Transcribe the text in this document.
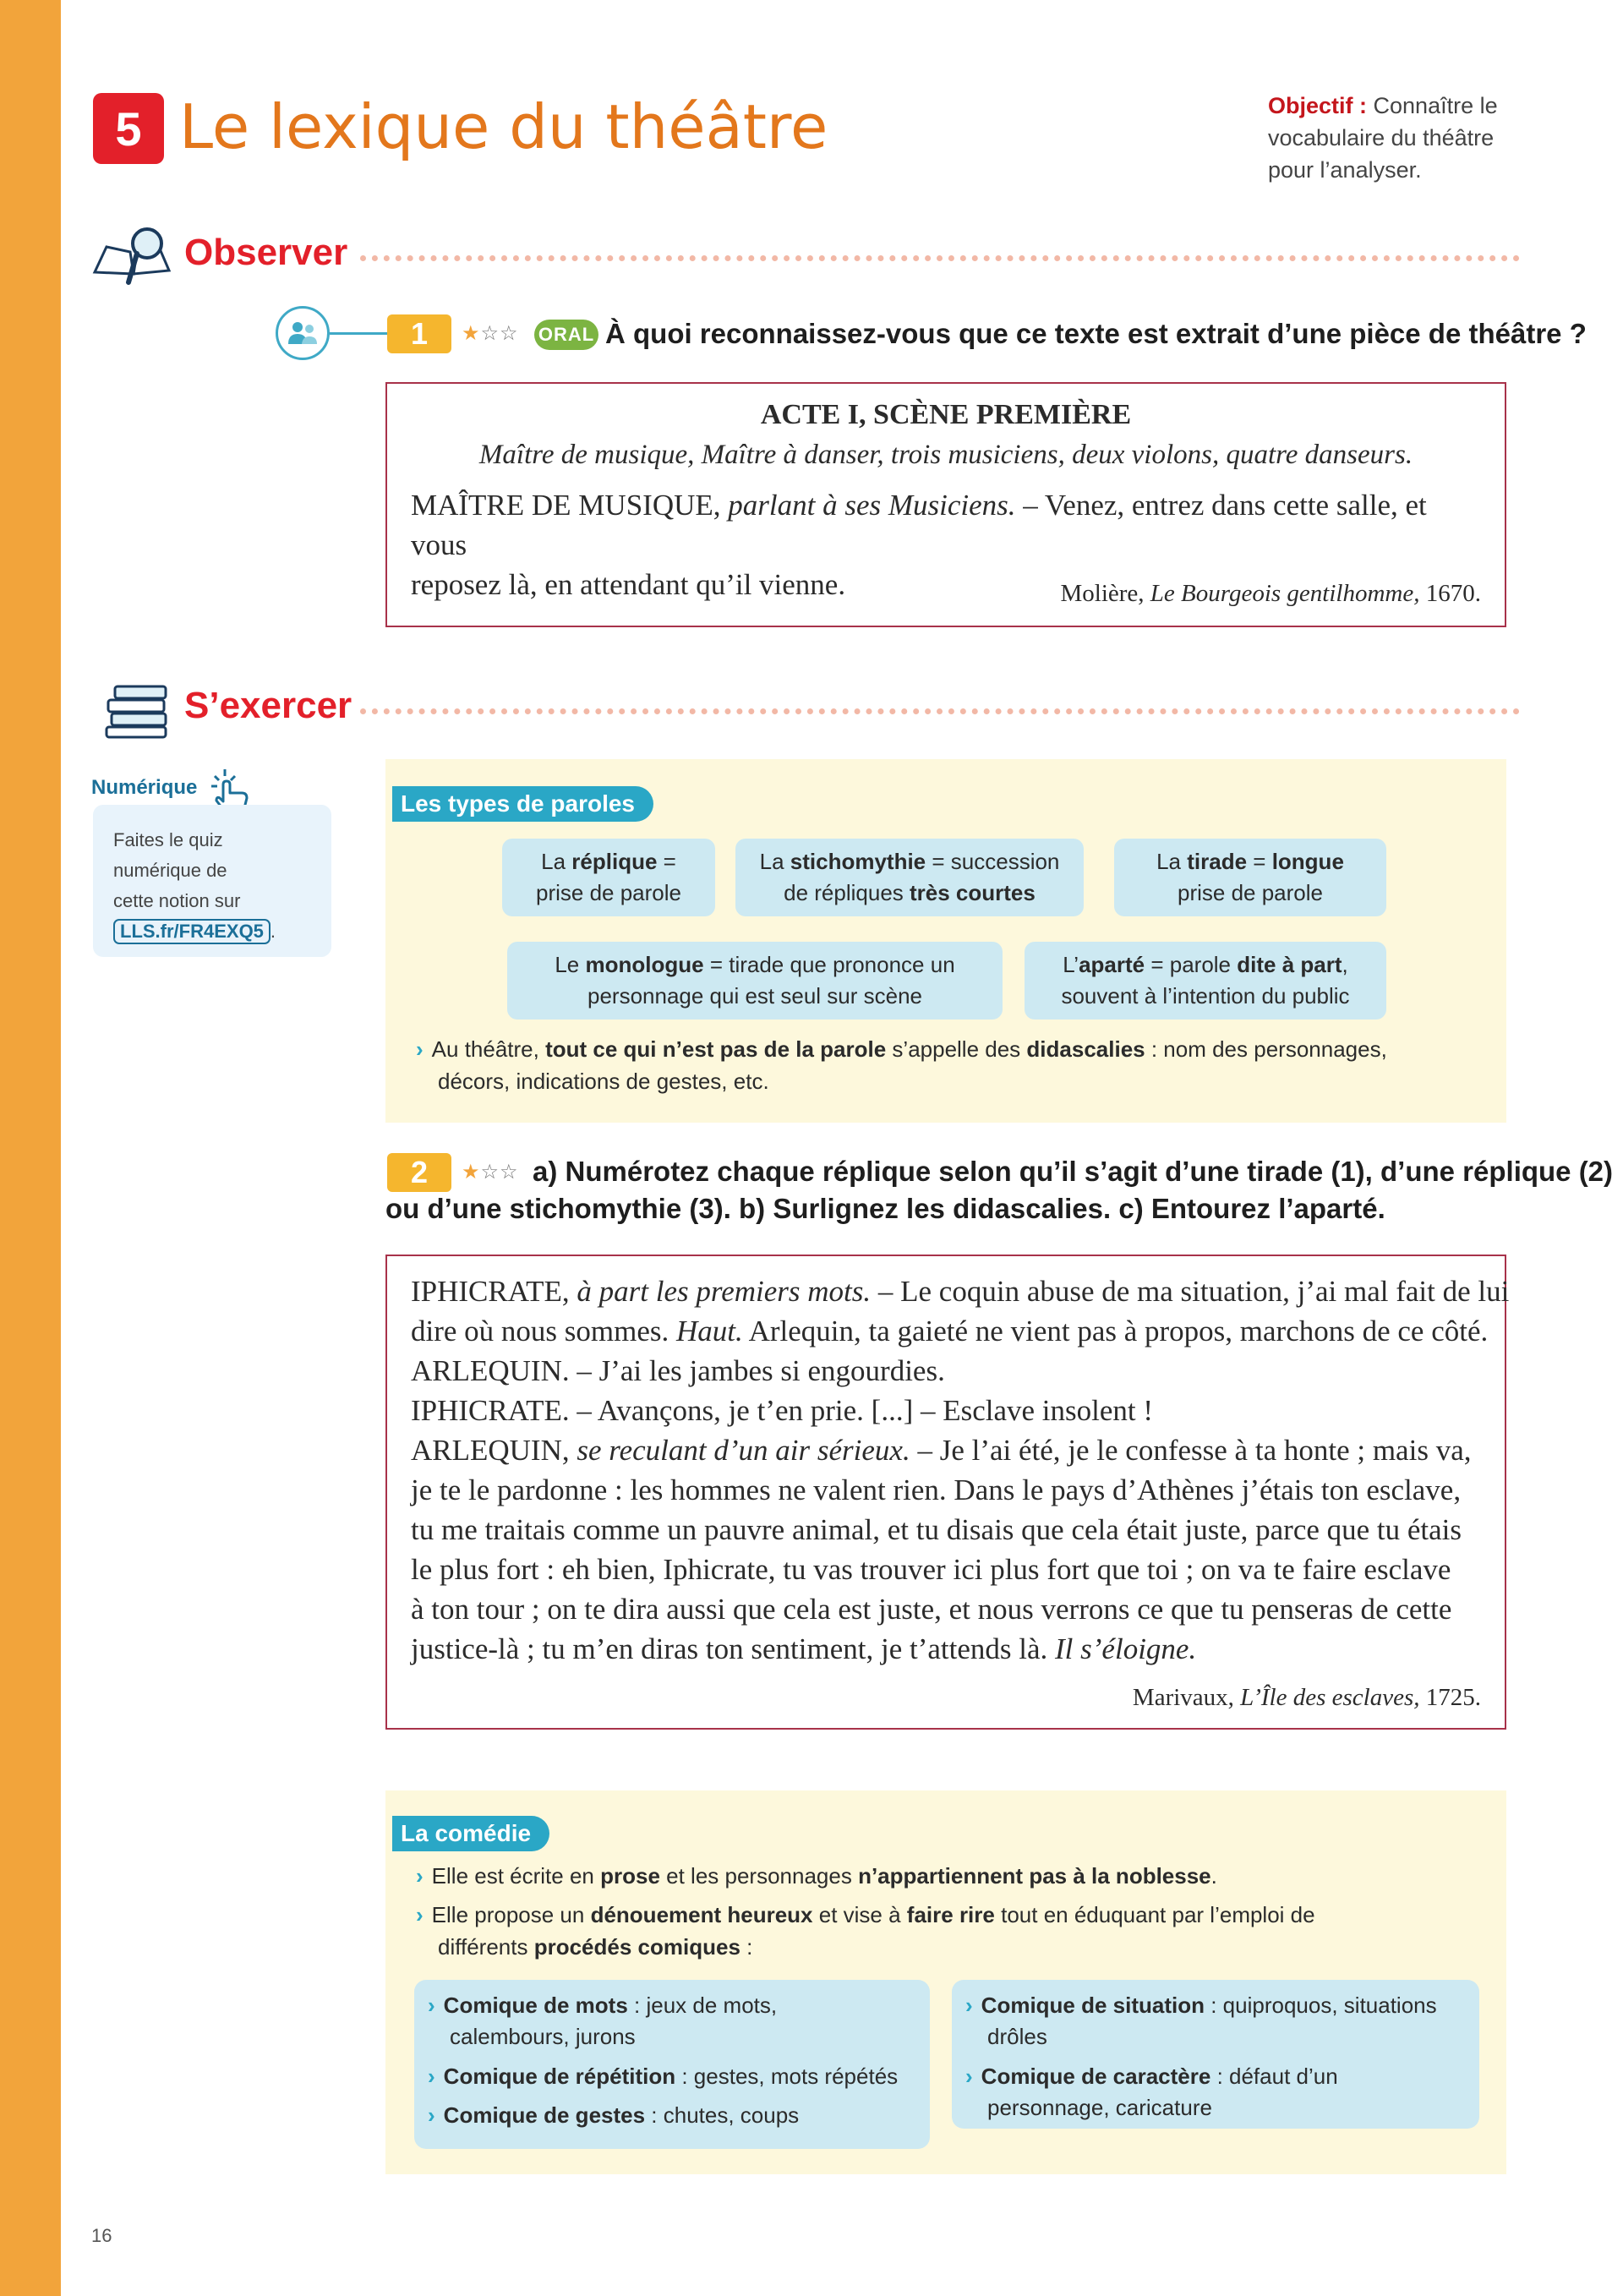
5 Le lexique du théâtre	Objectif : Connaître le
vocabulaire du théâtre
pour l’analyser.
Observer
1	★☆☆ ORAL À quoi reconnaissez-vous que ce texte est extrait d’une pièce de théâtre ?
ACTE I, SCÈNE PREMIÈRE
Maître de musique, Maître à danser, trois musiciens, deux violons, quatre danseurs.
MAÎTRE DE MUSIQUE, parlant à ses Musiciens. – Venez, entrez dans cette salle, et vous
reposez là, en attendant qu’il vienne.	Molière, Le Bourgeois gentilhomme, 1670.
S’exercer
Numérique
Faites le quiz
numérique de
cette notion sur
LLS.fr/FR4EXQ5 .
Les types de paroles
La réplique =
prise de parole
La stichomythie = succession
de répliques très courtes
La tirade = longue
prise de parole
Le monologue = tirade que prononce un
personnage qui est seul sur scène
L’aparté = parole dite à part,
souvent à l’intention du public
› Au théâtre, tout ce qui n’est pas de la parole s’appelle des didascalies : nom des personnages,
décors, indications de gestes, etc.
2	★☆☆ a) Numérotez chaque réplique selon qu’il s’agit d’une tirade (1), d’une réplique (2)
ou d’une stichomythie (3). b) Surlignez les didascalies. c) Entourez l’aparté.
IPHICRATE, à part les premiers mots. – Le coquin abuse de ma situation, j’ai mal fait de lui
dire où nous sommes. Haut. Arlequin, ta gaieté ne vient pas à propos, marchons de ce côté.
ARLEQUIN. – J’ai les jambes si engourdies.
IPHICRATE. – Avançons, je t’en prie. [...] – Esclave insolent !
ARLEQUIN, se reculant d’un air sérieux. – Je l’ai été, je le confesse à ta honte ; mais va,
je te le pardonne : les hommes ne valent rien. Dans le pays d’Athènes j’étais ton esclave,
tu me traitais comme un pauvre animal, et tu disais que cela était juste, parce que tu étais
le plus fort : eh bien, Iphicrate, tu vas trouver ici plus fort que toi ; on va te faire esclave
à ton tour ; on te dira aussi que cela est juste, et nous verrons ce que tu penseras de cette
justice-là ; tu m’en diras ton sentiment, je t’attends là. Il s’éloigne.
Marivaux, L’Île des esclaves, 1725.
La comédie
› Elle est écrite en prose et les personnages n’appartiennent pas à la noblesse.
› Elle propose un dénouement heureux et vise à faire rire tout en éduquant par l’emploi de
différents procédés comiques :
› Comique de mots : jeux de mots,
calembours, jurons
› Comique de répétition : gestes, mots répétés
› Comique de gestes : chutes, coups
› Comique de situation : quiproquos, situations
drôles
› Comique de caractère : défaut d’un
personnage, caricature
16
